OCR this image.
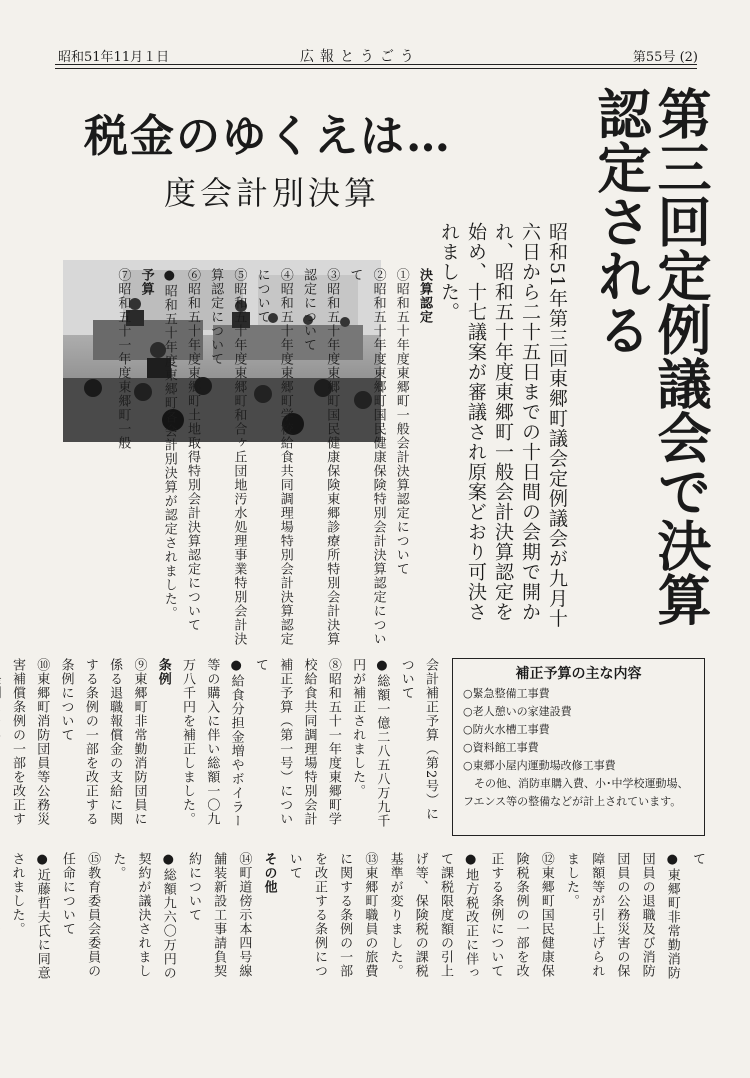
昭和51年11月１日	広報とうごう	第55号 (2)
税金のゆくえは…
度会計別決算	第三回定例議会で決算認定される
昭和51年第三回東郷町議会定例議会が九月十六日から二十五日までの十日間の会期で開かれ、昭和五十年度東郷町一般会計決算認定を始め、十七議案が審議され原案どおり可決されました。

決算認定

①昭和五十年度東郷町一般会計決算認定について

②昭和五十年度東郷町国民健康保険特別会計決算認定について

③昭和五十年度東郷町国民健康保険東郷診療所特別会計決算認定について

④昭和五十年度東郷町学校給食共同調理場特別会計決算認定について

⑤昭和五十年度東郷町和合ヶ丘団地汚水処理事業特別会計決算認定について

⑥昭和五十年度東郷町土地取得特別会計決算認定について

●昭和五十年度東郷町各会計別決算が認定されました。

予算

⑦昭和五十一年度東郷町一般

補正予算の主な内容
○緊急整備工事費
○老人憩いの家建設費
○防火水槽工事費
○資料館工事費
○東郷小屋内運動場改修工事費
　その他、消防車購入費、小･中学校運動場、フエンス等の整備などが計上されています。

会計補正予算（第2号）について

●総額一億二八五八万九千円が補正されました。

⑧昭和五十一年度東郷町学校給食共同調理場特別会計補正予算（第一号）について

●給食分担金増やボイラー等の購入に伴い総額一〇九万八千円を補正しました。

条例

⑨東郷町非常勤消防団員に係る退職報償金の支給に関する条例の一部を改正する条例について

⑩東郷町消防団員等公務災害補償条例の一部を改正す

て

●東郷町非常勤消防団員の退職及び消防団員の公務災害の保障額等が引上げられました。

⑫東郷町国民健康保険税条例の一部を改正する条例について

●地方税改正に伴って課税限度額の引上げ等、保険税の課税基準が変りました。

⑬東郷町職員の旅費に関する条例の一部を改正する条例について

その他

⑭町道傍示本四号線舗装新設工事請負契約について

●総額九六〇万円の契約が議決されました。

⑮教育委員会委員の任命について

●近藤哲夫氏に同意されました。
